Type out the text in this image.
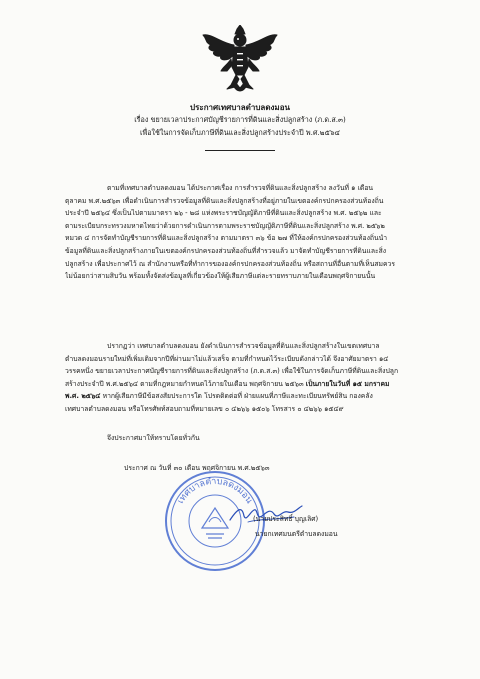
ประกาศเทศบาลตำบลดงมอน
เรื่อง ขยายเวลาประกาศบัญชีรายการที่ดินและสิ่งปลูกสร้าง (ภ.ด.ส.๓)
เพื่อใช้ในการจัดเก็บภาษีที่ดินและสิ่งปลูกสร้างประจำปี พ.ศ.๒๕๖๔
ตามที่เทศบาลตำบลดงมอน ได้ประกาศเรื่อง การสำรวจที่ดินและสิ่งปลูกสร้าง ลงวันที่ ๑ เดือน
ตุลาคม พ.ศ.๒๕๖๓ เพื่อดำเนินการสำรวจข้อมูลที่ดินและสิ่งปลูกสร้างที่อยู่ภายในเขตองค์กรปกครองส่วนท้องถิ่น
ประจำปี ๒๕๖๔ ซึ่งเป็นไปตามมาตรา ๒๖ - ๒๘ แห่งพระราชบัญญัติภาษีที่ดินและสิ่งปลูกสร้าง พ.ศ. ๒๕๖๒ และ
ตามระเบียบกระทรวงมหาดไทยว่าด้วยการดำเนินการตามพระราชบัญญัติภาษีที่ดินและสิ่งปลูกสร้าง พ.ศ. ๒๕๖๒
หมวด ๔ การจัดทำบัญชีรายการที่ดินและสิ่งปลูกสร้าง ตามมาตรา ๓๖ ข้อ ๒๗ ที่ให้องค์กรปกครองส่วนท้องถิ่นนำ
ข้อมูลที่ดินและสิ่งปลูกสร้างภายในเขตองค์กรปกครองส่วนท้องถิ่นที่สำรวจแล้ว มาจัดทำบัญชีรายการที่ดินและสิ่ง
ปลูกสร้าง เพื่อประกาศไว้ ณ สำนักงานหรือที่ทำการขององค์กรปกครองส่วนท้องถิ่น หรือสถานที่อื่นตามที่เห็นสมควร
ไม่น้อยกว่าสามสิบวัน พร้อมทั้งจัดส่งข้อมูลที่เกี่ยวข้องให้ผู้เสียภาษีแต่ละรายทราบภายในเดือนพฤศจิกายนนั้น
ปรากฏว่า เทศบาลตำบลดงมอน ยังดำเนินการสำรวจข้อมูลที่ดินและสิ่งปลูกสร้างในเขตเทศบาล
ตำบลดงมอนรายใหม่ที่เพิ่มเติมจากปีที่ผ่านมาไม่แล้วเสร็จ ตามที่กำหนดไว้ระเบียบดังกล่าวได้ จึงอาศัยมาตรา ๑๔
วรรคหนึ่ง ขยายเวลาประกาศบัญชีรายการที่ดินและสิ่งปลูกสร้าง (ภ.ด.ส.๓) เพื่อใช้ในการจัดเก็บภาษีที่ดินและสิ่งปลูก
สร้างประจำปี พ.ศ.๒๕๖๔ ตามที่กฎหมายกำหนดไว้ภายในเดือน พฤศจิกายน ๒๕๖๓ เป็นภายในวันที่ ๑๕ มกราคม
พ.ศ. ๒๕๖๔ หากผู้เสียภาษีมีข้อสงสัยประการใด โปรดติดต่อที่ ฝ่ายแผนที่ภาษีและทะเบียนทรัพย์สิน กองคลัง
เทศบาลตำบลดงมอน หรือโทรศัพท์สอบถามที่หมายเลข ๐ ๔๒๖๖ ๑๕๐๖ โทรสาร ๐ ๔๒๖๖ ๑๕๔๙
จึงประกาศมาให้ทราบโดยทั่วกัน
ประกาศ ณ วันที่ ๓๐ เดือน พฤศจิกายน พ.ศ.๒๕๖๓
เทศบาลตำบลดงมอน
(นายประสิทธิ์ บุญเลิศ)
นายกเทศมนตรีตำบลดงมอน
